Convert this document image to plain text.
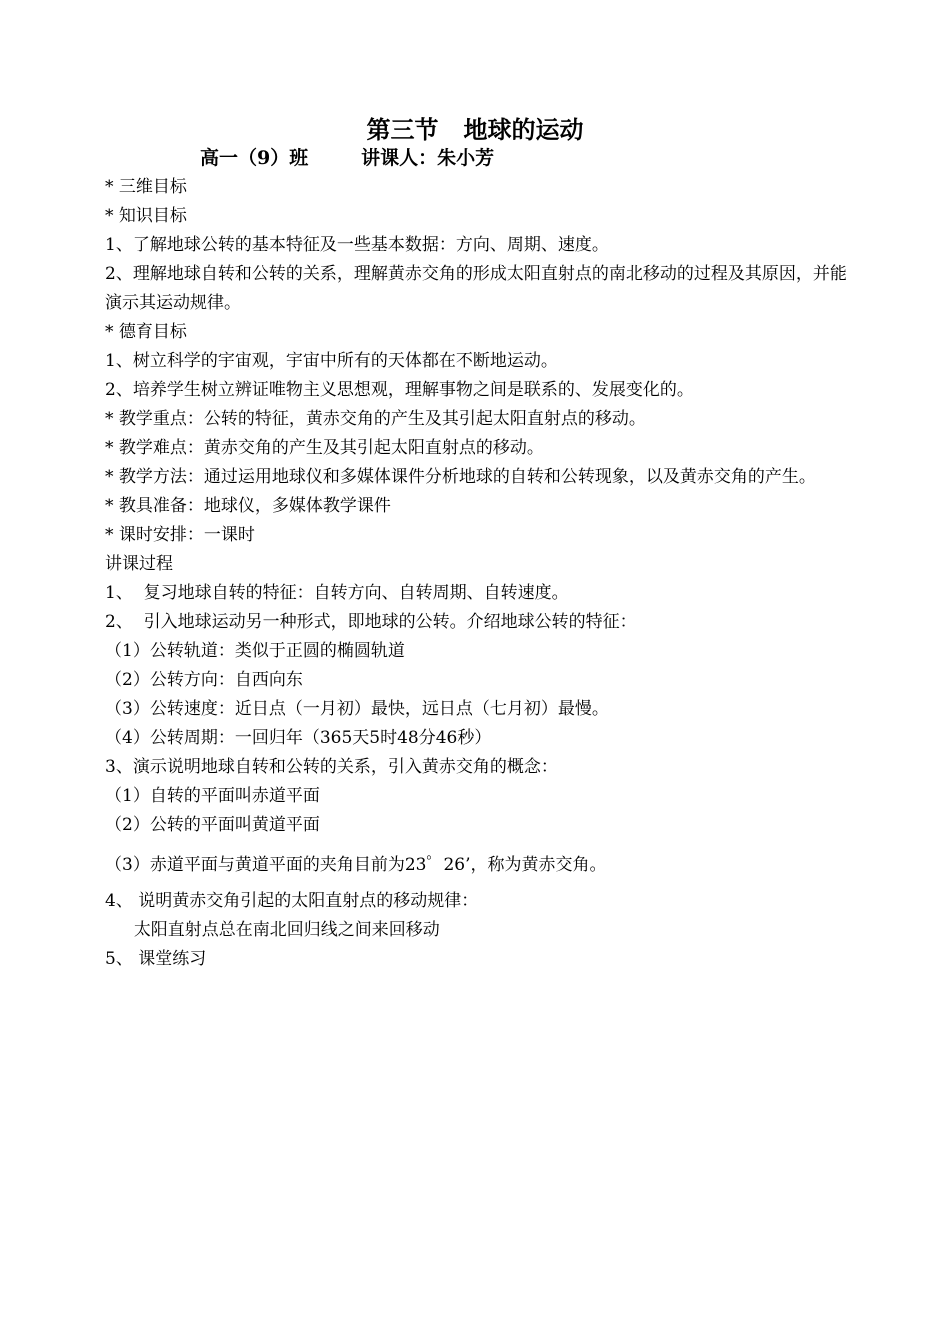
第三节   地球的运动
高一（9）班        讲课人：朱小芳

* 三维目标

* 知识目标

1、了解地球公转的基本特征及一些基本数据：方向、周期、速度。

2、理解地球自转和公转的关系，理解黄赤交角的形成太阳直射点的南北移动的过程及其原因，并能演示其运动规律。

* 德育目标

1、树立科学的宇宙观，宇宙中所有的天体都在不断地运动。

2、培养学生树立辨证唯物主义思想观，理解事物之间是联系的、发展变化的。

* 教学重点：公转的特征，黄赤交角的产生及其引起太阳直射点的移动。

* 教学难点：黄赤交角的产生及其引起太阳直射点的移动。

* 教学方法：通过运用地球仪和多媒体课件分析地球的自转和公转现象，以及黄赤交角的产生。

* 教具准备：地球仪，多媒体教学课件

* 课时安排：一课时

讲课过程

1、  复习地球自转的特征：自转方向、自转周期、自转速度。

2、  引入地球运动另一种形式，即地球的公转。介绍地球公转的特征：

（1）公转轨道：类似于正圆的椭圆轨道

（2）公转方向：自西向东

（3）公转速度：近日点（一月初）最快，远日点（七月初）最慢。

（4）公转周期：一回归年（365天5时48分46秒）

3、演示说明地球自转和公转的关系，引入黄赤交角的概念：

（1）自转的平面叫赤道平面

（2）公转的平面叫黄道平面

（3）赤道平面与黄道平面的夹角目前为23゜26’，称为黄赤交角。

4、 说明黄赤交角引起的太阳直射点的移动规律：

太阳直射点总在南北回归线之间来回移动

5、 课堂练习
